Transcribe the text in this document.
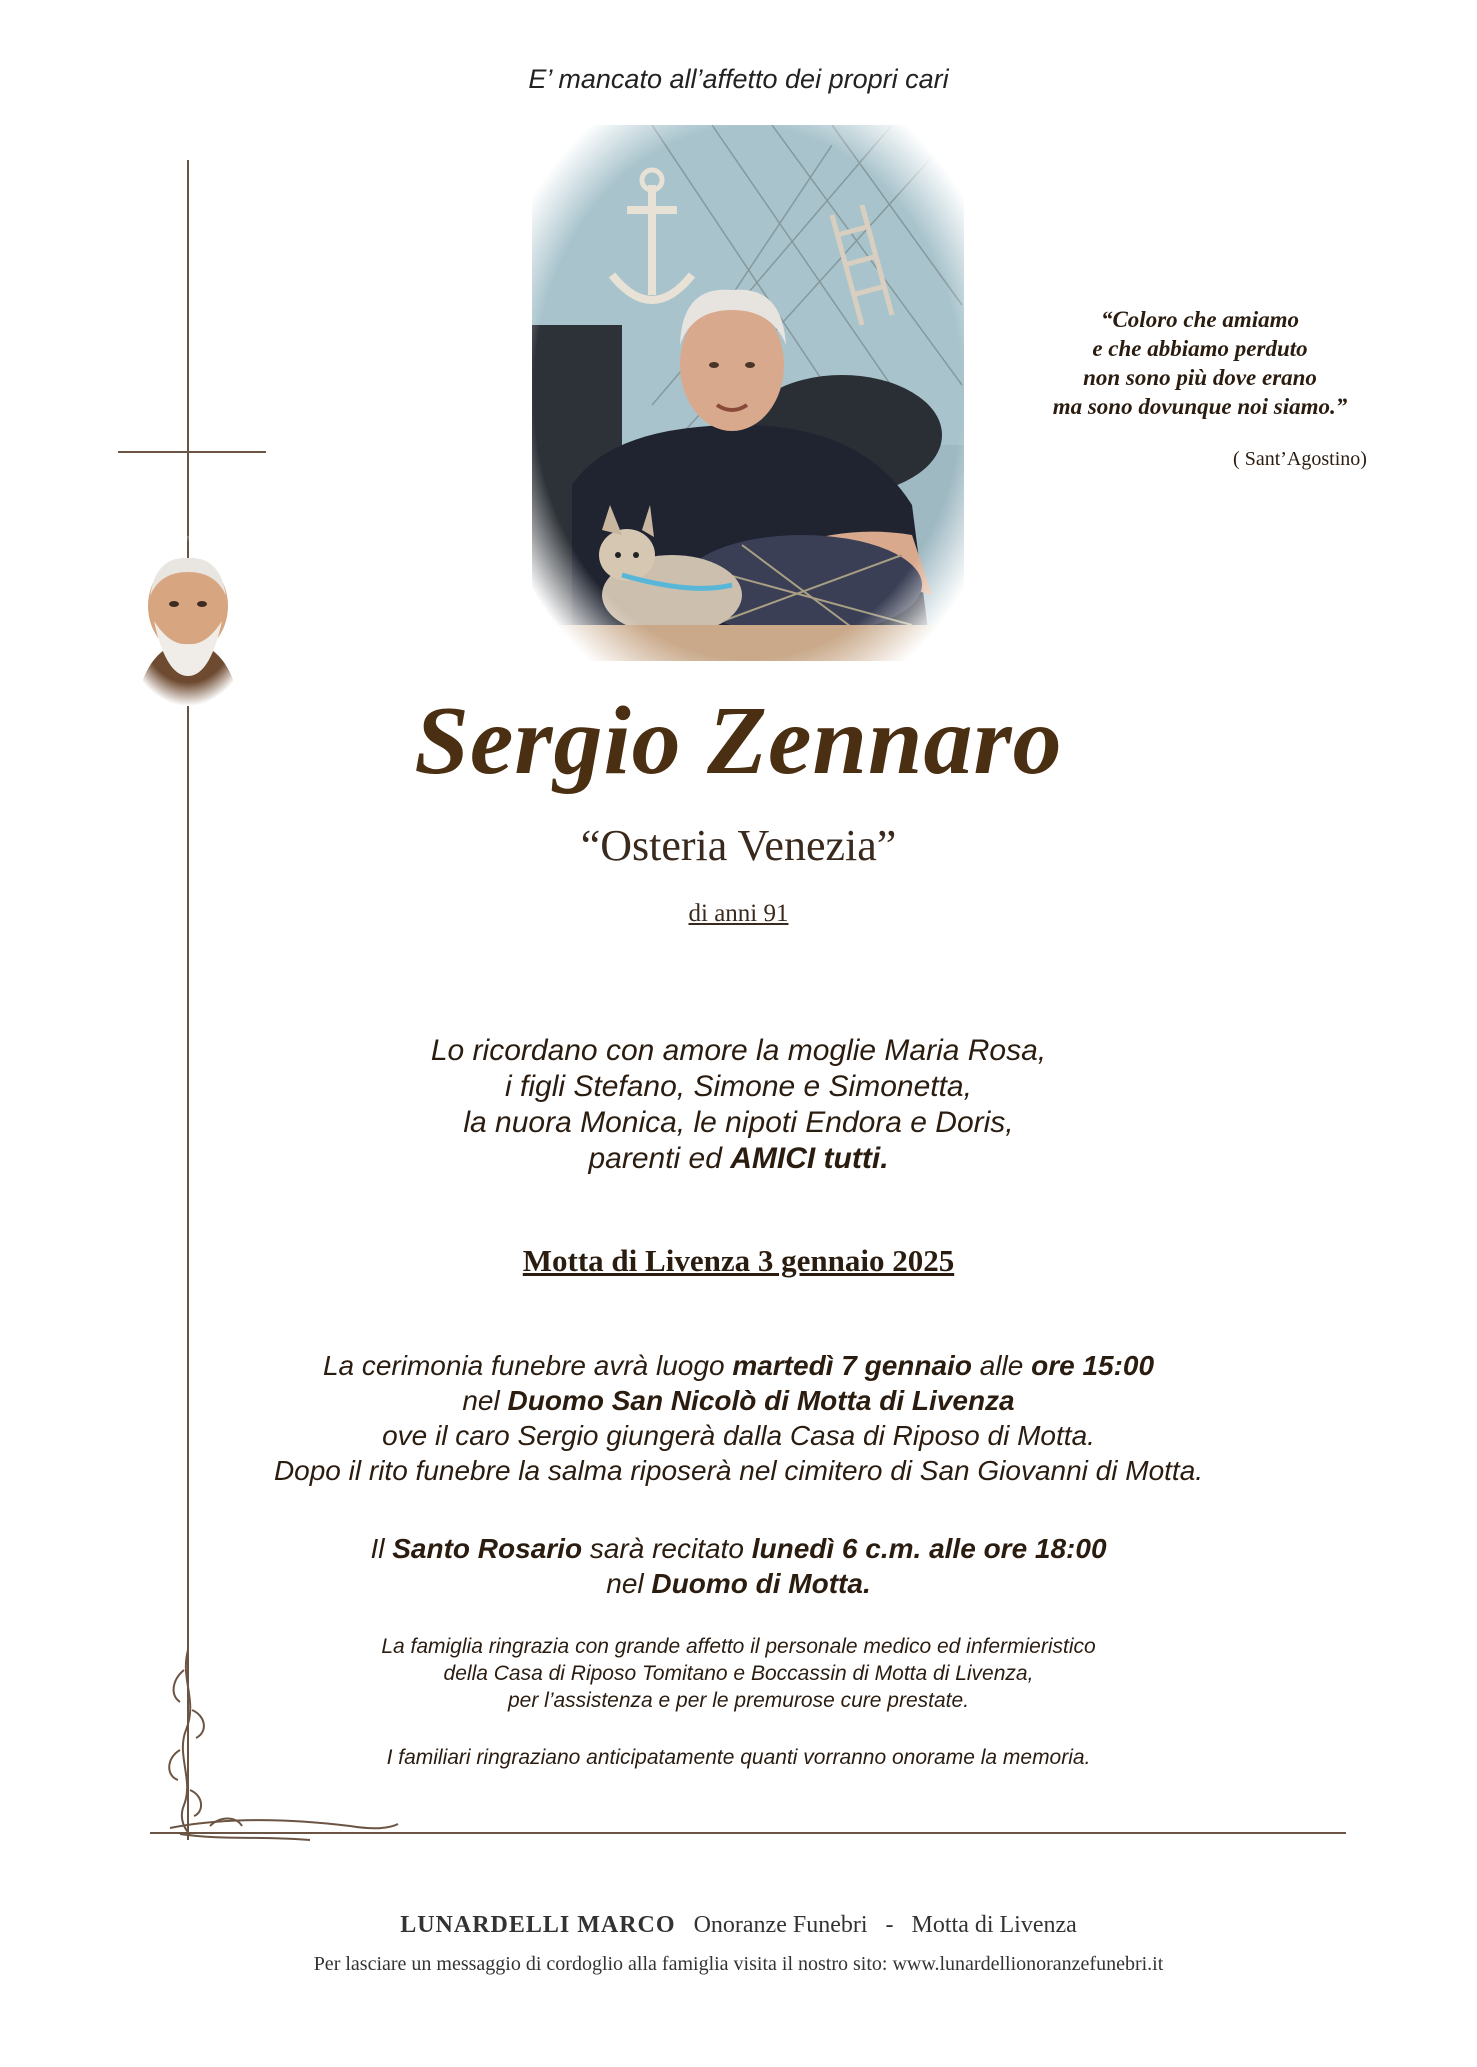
E’ mancato all’affetto dei propri cari
“Coloro che amiamo
e che abbiamo perduto
non sono più dove erano
ma sono dovunque noi siamo.”
( Sant’Agostino)
Sergio Zennaro
“Osteria Venezia”
di anni 91
Lo ricordano con amore la moglie Maria Rosa,
i figli Stefano, Simone e Simonetta,
la nuora Monica, le nipoti Endora e Doris,
parenti ed AMICI tutti.
Motta di Livenza 3 gennaio 2025
La cerimonia funebre avrà luogo martedì 7 gennaio alle ore 15:00
nel Duomo San Nicolò di Motta di Livenza
ove il caro Sergio giungerà dalla Casa di Riposo di Motta.
Dopo il rito funebre la salma riposerà nel cimitero di San Giovanni di Motta.
Il Santo Rosario sarà recitato lunedì 6 c.m. alle ore 18:00
nel Duomo di Motta.
La famiglia ringrazia con grande affetto il personale medico ed infermieristico
della Casa di Riposo Tomitano e Boccassin di Motta di Livenza,
per l’assistenza e per le premurose cure prestate.
I familiari ringraziano anticipatamente quanti vorranno onorame la memoria.
LUNARDELLI MARCO Onoranze Funebri - Motta di Livenza
Per lasciare un messaggio di cordoglio alla famiglia visita il nostro sito: www.lunardellionoranzefunebri.it
